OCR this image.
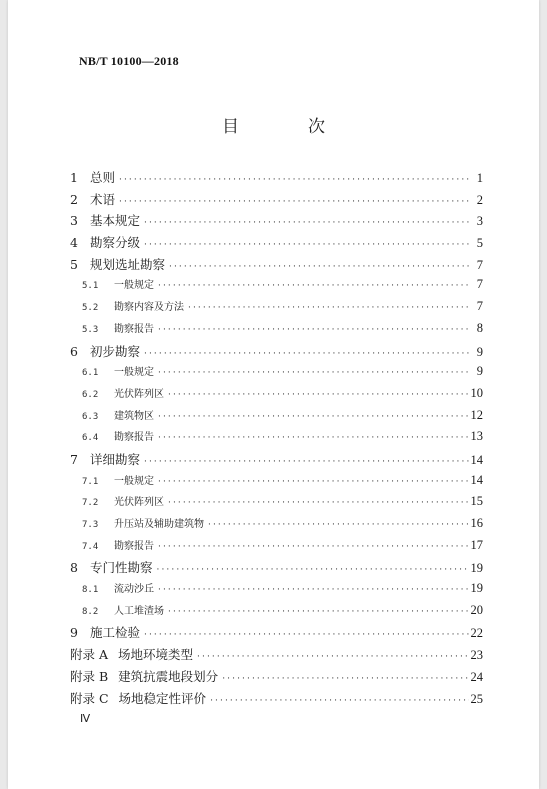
NB/T 10100—2018
目　次
1 总则 ·····	1
2 术语 ·····	2
3 基本规定 ·····	3
4 勘察分级 ·····	5
5 规划选址勘察 ·····	7
5.1	一般规定 ·····	7
5.2	勘察内容及方法 ·····	7
5.3	勘察报告 ·····	8
6 初步勘察 ·····	9
6.1	一般规定 ·····	9
6.2	光伏阵列区 ·····	10
6.3	建筑物区 ·····	12
6.4	勘察报告 ·····	13
7 详细勘察 ·····	14
7.1	一般规定 ·····	14
7.2	光伏阵列区 ·····	15
7.3	升压站及辅助建筑物 ·····	16
7.4	勘察报告 ·····	17
8 专门性勘察 ·····	19
8.1	流动沙丘 ·····	19
8.2	人工堆渣场 ·····	20
9 施工检验 ·····	22
附录 A 场地环境类型 ·····	23
附录 B 建筑抗震地段划分 ·····	24
附录 C 场地稳定性评价 ·····	25
Ⅳ
